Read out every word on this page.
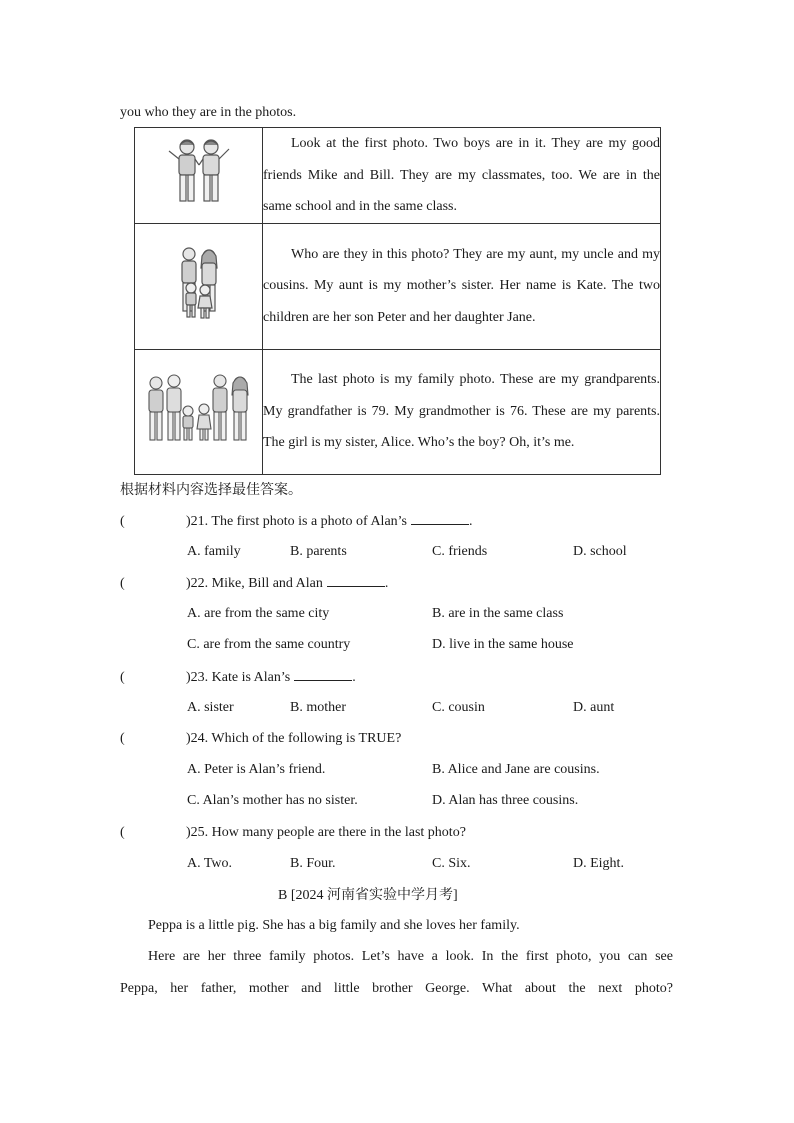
you who they are in the photos.
	Look at the first photo. Two boys are in it. They are my good friends Mike and Bill. They are my classmates, too. We are in the same school and in the same class.
	Who are they in this photo? They are my aunt, my uncle and my cousins. My aunt is my mother’s sister. Her name is Kate. The two children are her son Peter and her daughter Jane.
	The last photo is my family photo. These are my grandparents. My grandfather is 79. My grandmother is 76. These are my parents. The girl is my sister, Alice. Who’s the boy? Oh, it’s me.
根据材料内容选择最佳答案。
(	)21. The first photo is a photo of Alan’s	.
A. family	B. parents	C. friends	D. school
(	)22. Mike, Bill and Alan	.
A. are from the same city	B. are in the same class
C. are from the same country	D. live in the same house
(	)23. Kate is Alan’s	.
A. sister	B. mother	C. cousin	D. aunt
(	)24. Which of the following is TRUE?
A. Peter is Alan’s friend.	B. Alice and Jane are cousins.
C. Alan’s mother has no sister.	D. Alan has three cousins.
(	)25. How many people are there in the last photo?
A. Two.	B. Four.	C. Six.	D. Eight.
B [2024 河南省实验中学月考]
Peppa is a little pig. She has a big family and she loves her family.
Here are her three family photos. Let’s have a look. In the first photo, you can see
Peppa, her father, mother and little brother George. What about the next photo?
